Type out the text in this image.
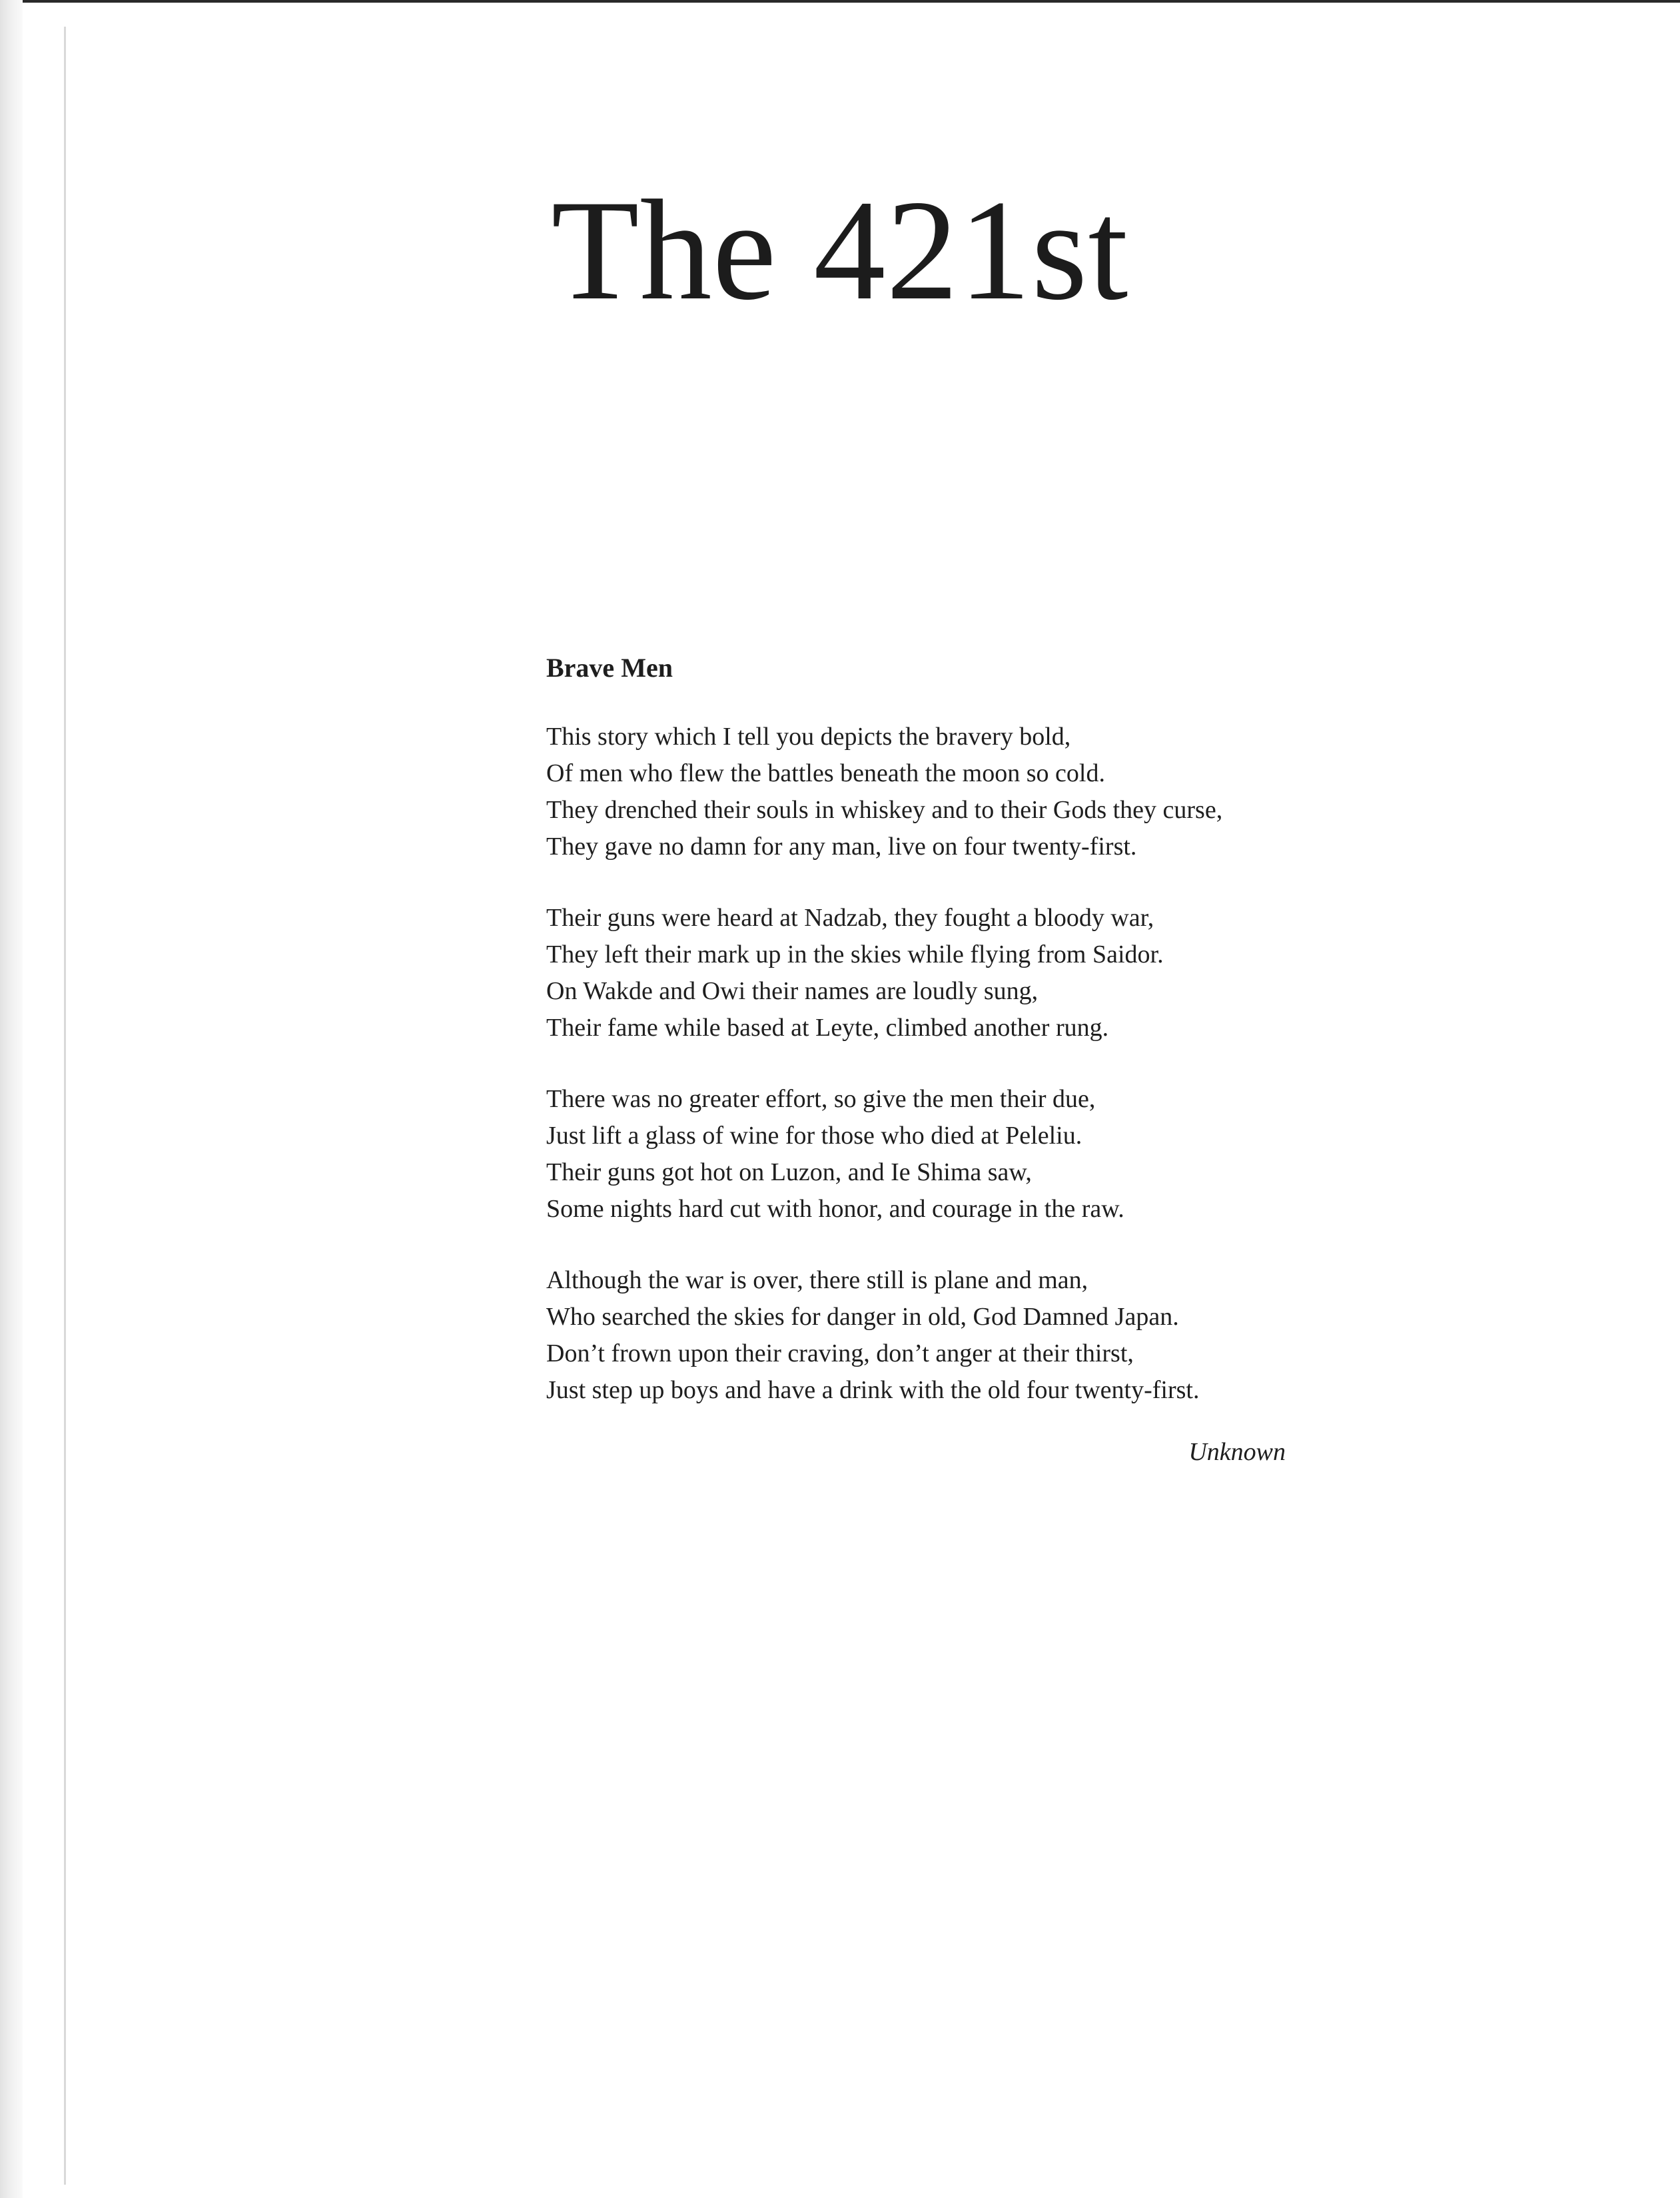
The 421st
Brave Men
This story which I tell you depicts the bravery bold,
Of men who flew the battles beneath the moon so cold.
They drenched their souls in whiskey and to their Gods they curse,
They gave no damn for any man, live on four twenty-first.
Their guns were heard at Nadzab, they fought a bloody war,
They left their mark up in the skies while flying from Saidor.
On Wakde and Owi their names are loudly sung,
Their fame while based at Leyte, climbed another rung.
There was no greater effort, so give the men their due,
Just lift a glass of wine for those who died at Peleliu.
Their guns got hot on Luzon, and Ie Shima saw,
Some nights hard cut with honor, and courage in the raw.
Although the war is over, there still is plane and man,
Who searched the skies for danger in old, God Damned Japan.
Don’t frown upon their craving, don’t anger at their thirst,
Just step up boys and have a drink with the old four twenty-first.
Unknown
